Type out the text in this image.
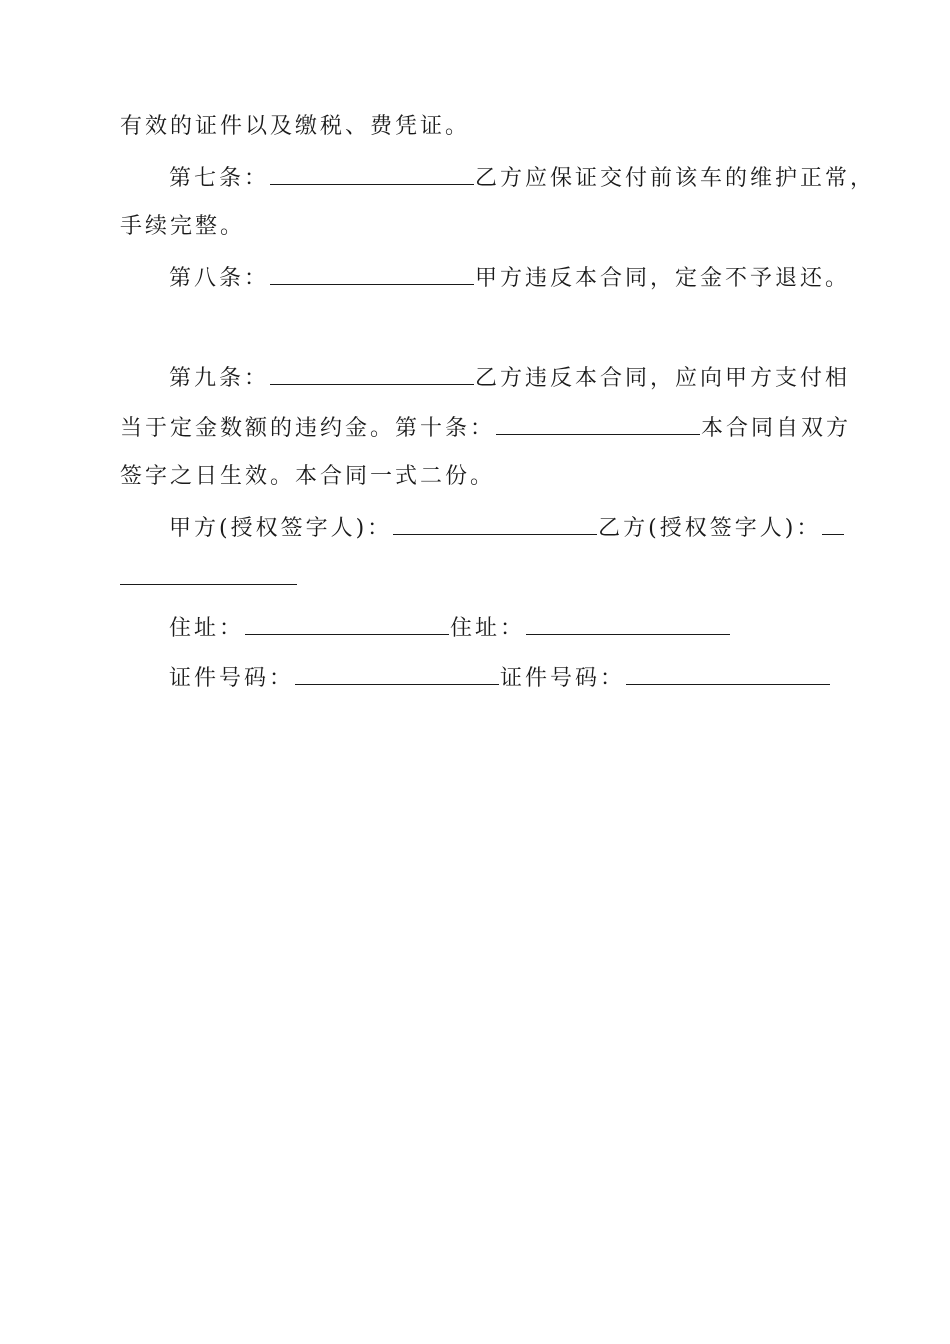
有效的证件以及缴税、费凭证。
第七条：	乙方应保证交付前该车的维护正常，
手续完整。
第八条：	甲方违反本合同，定金不予退还。
第九条：	乙方违反本合同，应向甲方支付相
当于定金数额的违约金。第十条：	本合同自双方
签字之日生效。本合同一式二份。
甲方(授权签字人)：	乙方(授权签字人)：
住址：	住址：
证件号码：	证件号码：
